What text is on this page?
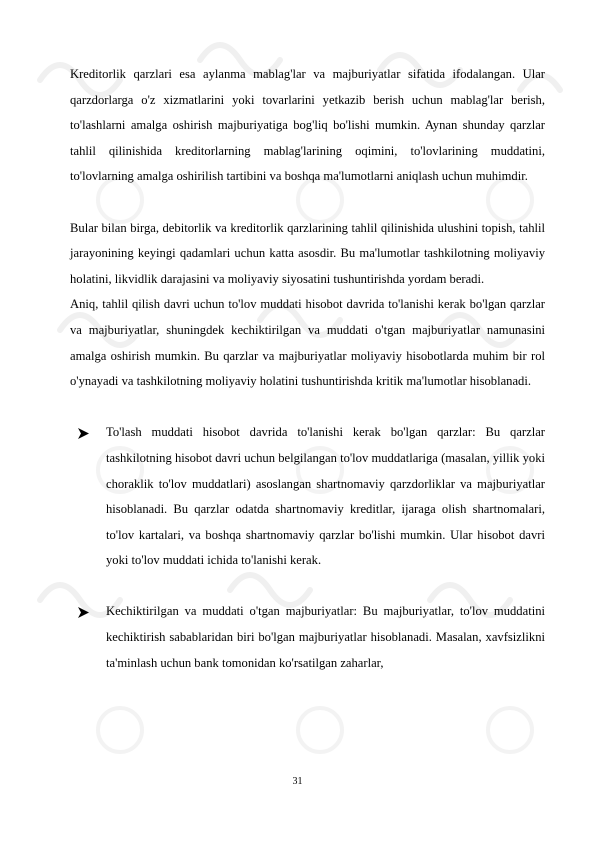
Kreditorlik qarzlari esa aylanma mablag'lar va majburiyatlar sifatida ifodalangan. Ular qarzdorlarga o'z xizmatlarini yoki tovarlarini yetkazib berish uchun mablag'lar berish, to'lashlarni amalga oshirish majburiyatiga bog'liq bo'lishi mumkin. Aynan shunday qarzlar tahlil qilinishida kreditorlarning mablag'larining oqimini, to'lovlarining muddatini, to'lovlarning amalga oshirilish tartibini va boshqa ma'lumotlarni aniqlash uchun muhimdir.

Bular bilan birga, debitorlik va kreditorlik qarzlarining tahlil qilinishida ulushini topish, tahlil jarayonining keyingi qadamlari uchun katta asosdir. Bu ma'lumotlar tashkilotning moliyaviy holatini, likvidlik darajasini va moliyaviy siyosatini tushuntirishda yordam beradi.

Aniq, tahlil qilish davri uchun to'lov muddati hisobot davrida to'lanishi kerak bo'lgan qarzlar va majburiyatlar, shuningdek kechiktirilgan va muddati o'tgan majburiyatlar namunasini amalga oshirish mumkin. Bu qarzlar va majburiyatlar moliyaviy hisobotlarda muhim bir rol o'ynayadi va tashkilotning moliyaviy holatini tushuntirishda kritik ma'lumotlar hisoblanadi.

To'lash muddati hisobot davrida to'lanishi kerak bo'lgan qarzlar: Bu qarzlar tashkilotning hisobot davri uchun belgilangan to'lov muddatlariga (masalan, yillik yoki choraklik to'lov muddatlari) asoslangan shartnomaviy qarzdorliklar va majburiyatlar hisoblanadi. Bu qarzlar odatda shartnomaviy kreditlar, ijaraga olish shartnomalari, to'lov kartalari, va boshqa shartnomaviy qarzlar bo'lishi mumkin. Ular hisobot davri yoki to'lov muddati ichida to'lanishi kerak.

Kechiktirilgan va muddati o'tgan majburiyatlar: Bu majburiyatlar, to'lov muddatini kechiktirish sabablaridan biri bo'lgan majburiyatlar hisoblanadi. Masalan, xavfsizlikni ta'minlash uchun bank tomonidan ko'rsatilgan zaharlar,

31
